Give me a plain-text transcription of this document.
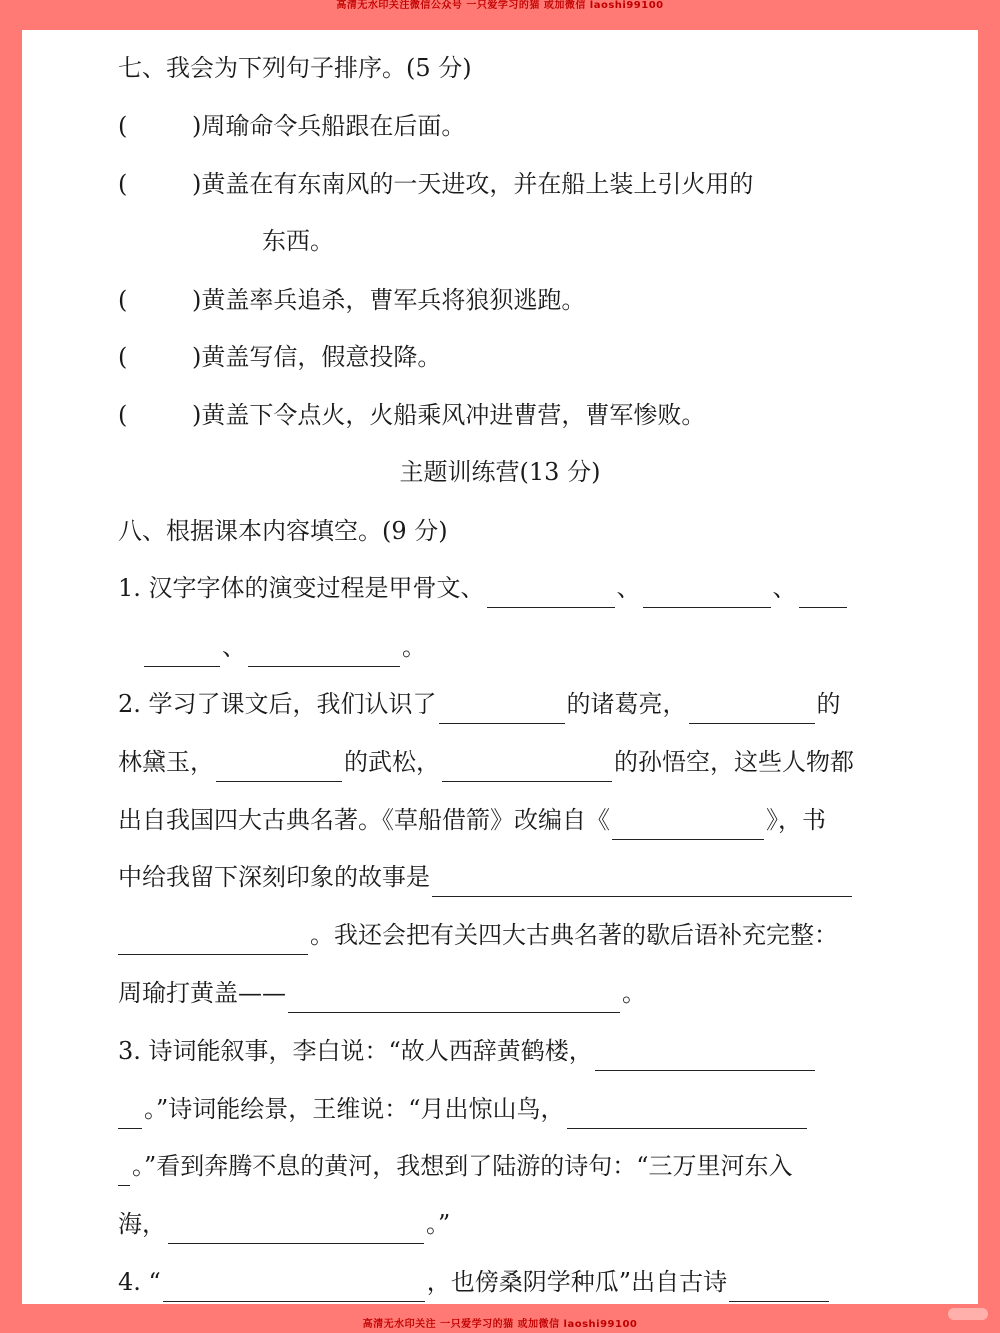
高清无水印关注微信公众号 一只爱学习的猫 或加微信 laoshi99100
七、我会为下列句子排序。(5 分)
(	)周瑜命令兵船跟在后面。
(	)黄盖在有东南风的一天进攻，并在船上装上引火用的
东西。
(	)黄盖率兵追杀，曹军兵将狼狈逃跑。
(	)黄盖写信，假意投降。
(	)黄盖下令点火，火船乘风冲进曹营，曹军惨败。
主题训练营(13 分)
八、根据课本内容填空。(9 分)
1. 汉字字体的演变过程是甲骨文、	、	、
、	。
2. 学习了课文后，我们认识了	的诸葛亮，	的
林黛玉，	的武松，	的孙悟空，这些人物都
出自我国四大古典名著。《草船借箭》改编自《	》，书
中给我留下深刻印象的故事是
。我还会把有关四大古典名著的歇后语补充完整：
周瑜打黄盖——	。
3. 诗词能叙事，李白说：“故人西辞黄鹤楼，
。”诗词能绘景，王维说：“月出惊山鸟，
。”看到奔腾不息的黄河，我想到了陆游的诗句：“三万里河东入
海，	。”
4. “	，也傍桑阴学种瓜”出自古诗
高清无水印关注 一只爱学习的猫 或加微信 laoshi99100
